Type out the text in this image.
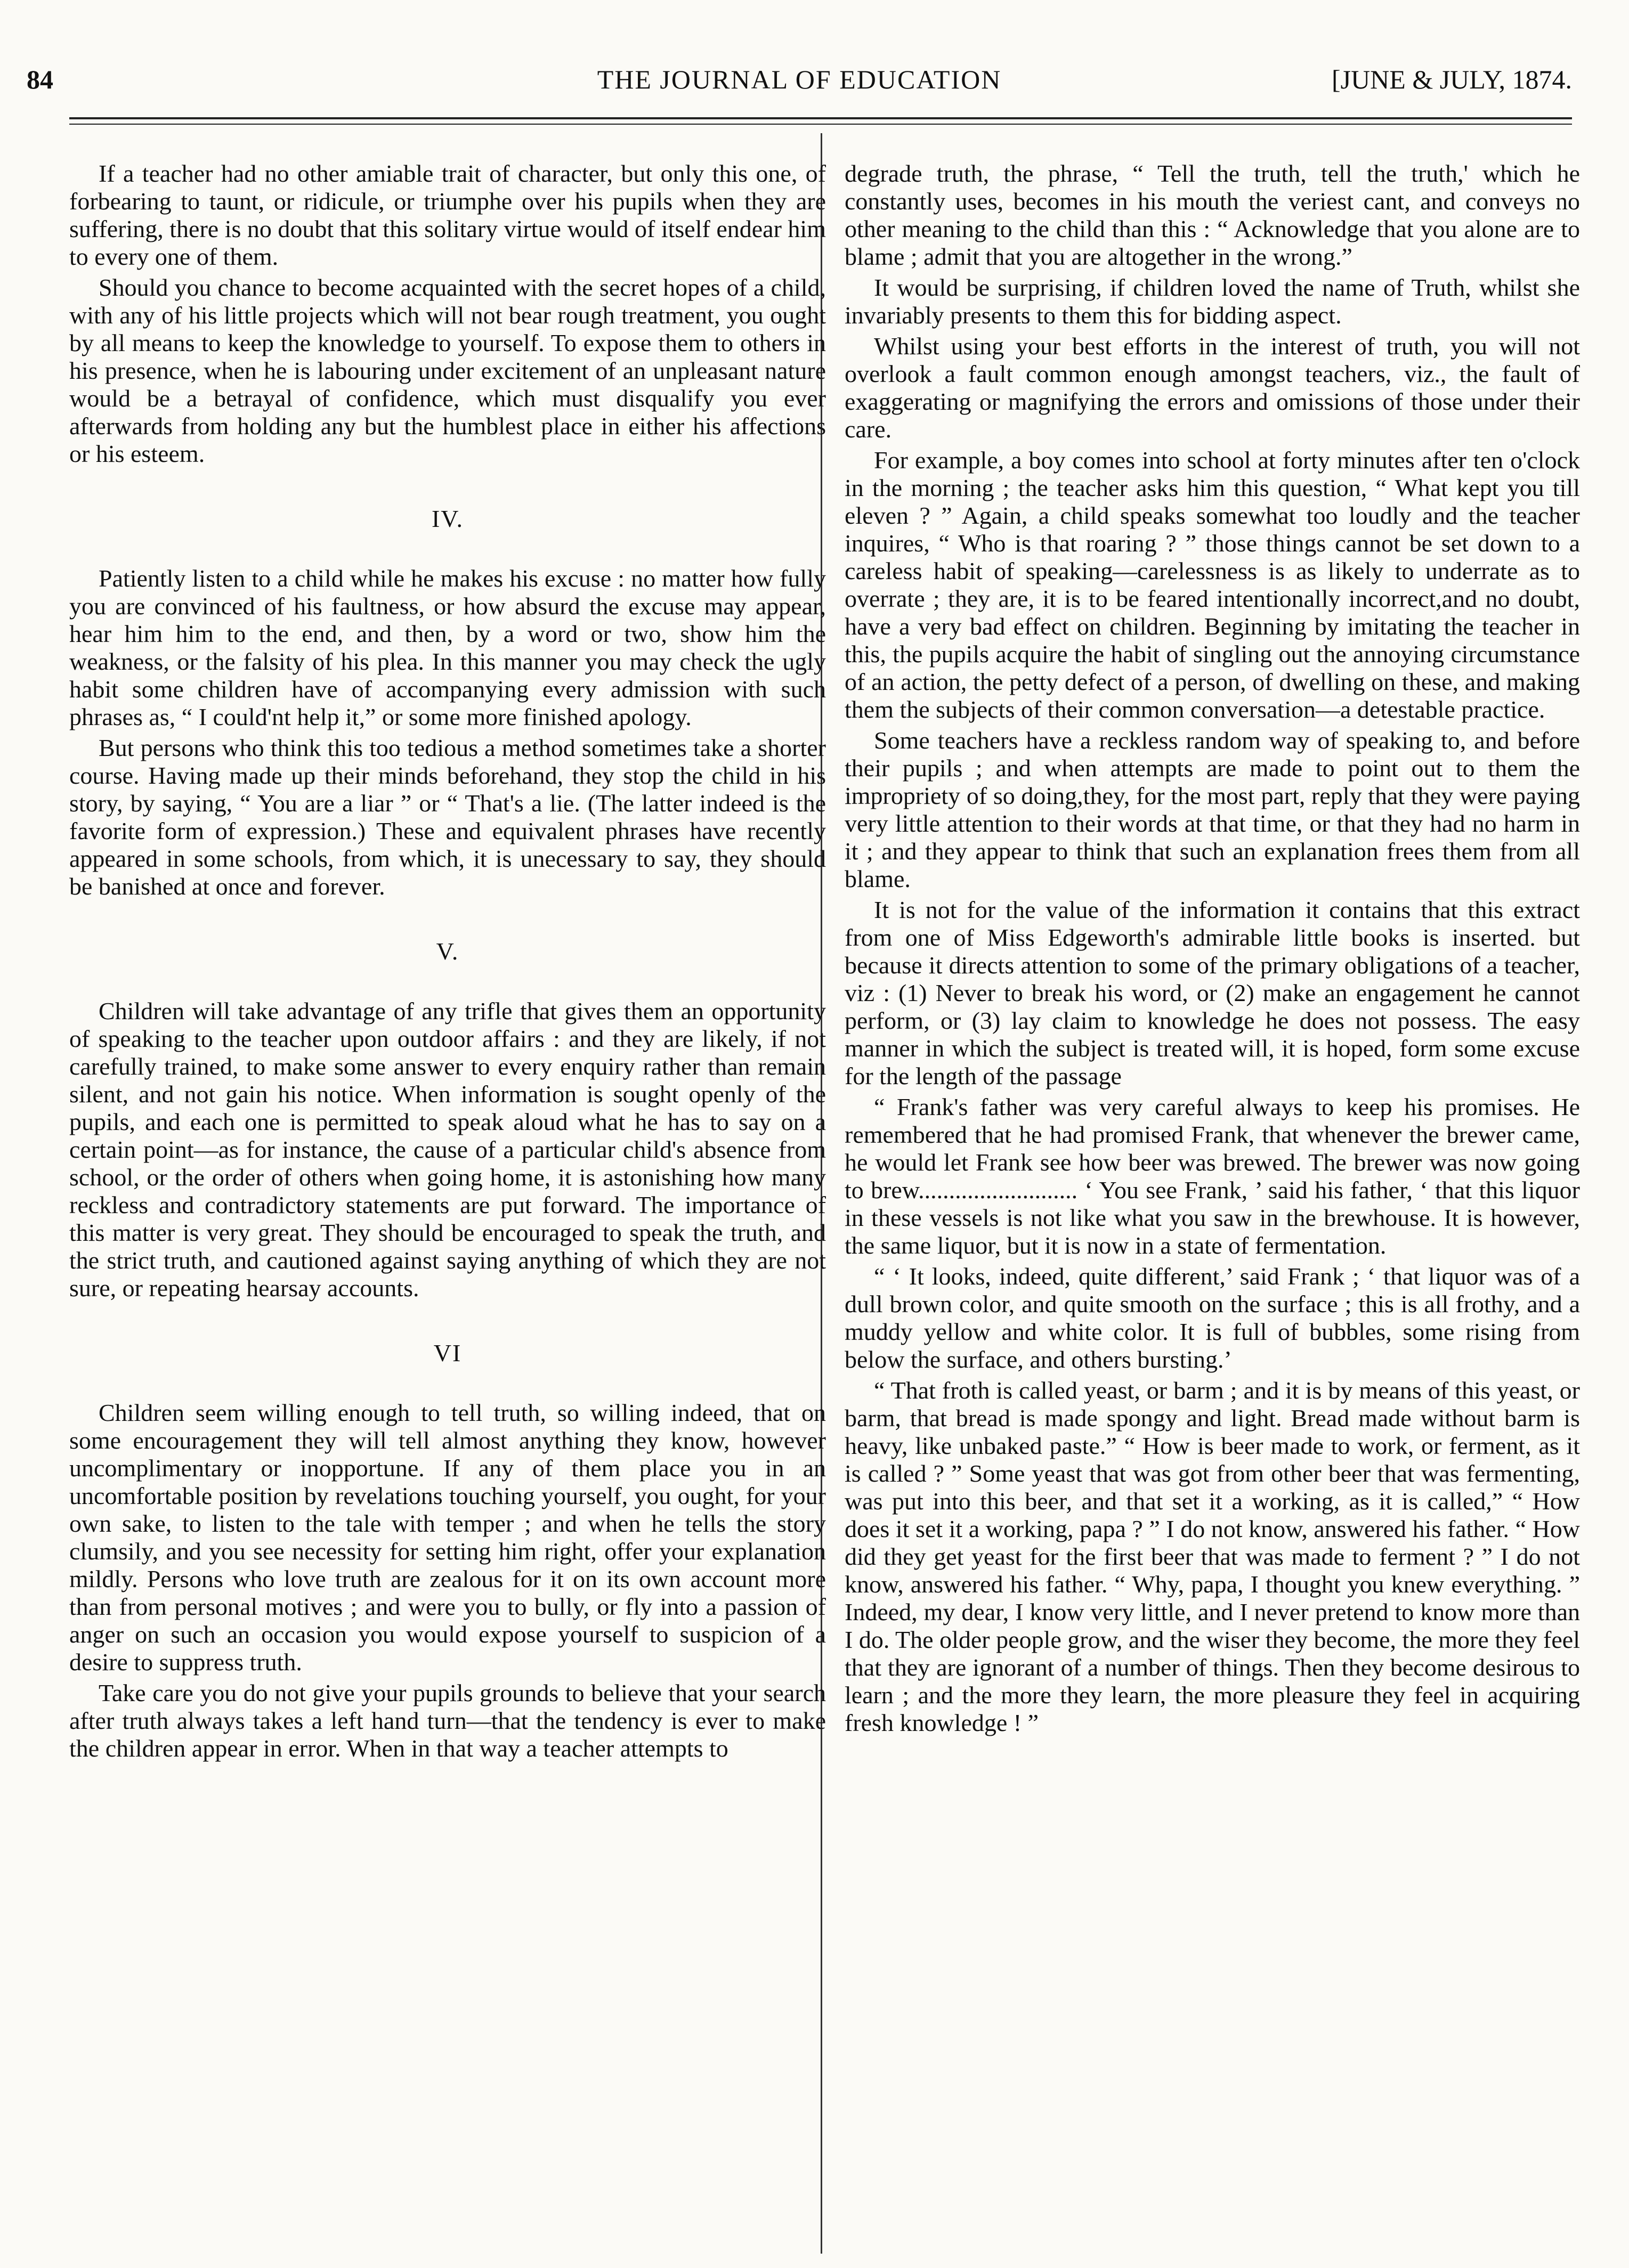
84	THE JOURNAL OF EDUCATION	[JUNE & JULY, 1874.

If a teacher had no other amiable trait of character, but only this one, of forbearing to taunt, or ridicule, or triumphe over his pupils when they are suffering, there is no doubt that this solitary virtue would of itself endear him to every one of them.

Should you chance to become acquainted with the secret hopes of a child, with any of his little projects which will not bear rough treatment, you ought by all means to keep the knowledge to yourself. To expose them to others in his presence, when he is labouring under excitement of an unpleasant nature would be a betrayal of confidence, which must disqualify you ever afterwards from holding any but the humblest place in either his affections or his esteem.

IV.

Patiently listen to a child while he makes his excuse : no matter how fully you are convinced of his faultness, or how absurd the excuse may appear, hear him him to the end, and then, by a word or two, show him the weakness, or the falsity of his plea. In this manner you may check the ugly habit some children have of accompanying every admission with such phrases as, “ I could'nt help it,” or some more finished apology.

But persons who think this too tedious a method sometimes take a shorter course. Having made up their minds beforehand, they stop the child in his story, by saying, “ You are a liar ” or “ That's a lie. (The latter indeed is the favorite form of expression.) These and equivalent phrases have recently appeared in some schools, from which, it is unecessary to say, they should be banished at once and forever.

V.

Children will take advantage of any trifle that gives them an opportunity of speaking to the teacher upon outdoor affairs : and they are likely, if not carefully trained, to make some answer to every enquiry rather than remain silent, and not gain his notice. When information is sought openly of the pupils, and each one is permitted to speak aloud what he has to say on a certain point—as for instance, the cause of a particular child's absence from school, or the order of others when going home, it is astonishing how many reckless and contradictory statements are put forward. The importance of this matter is very great. They should be encouraged to speak the truth, and the strict truth, and cautioned against saying anything of which they are not sure, or repeating hearsay accounts.

VI

Children seem willing enough to tell truth, so willing indeed, that on some encouragement they will tell almost anything they know, however uncomplimentary or inopportune. If any of them place you in an uncomfortable position by revelations touching yourself, you ought, for your own sake, to listen to the tale with temper ; and when he tells the story clumsily, and you see necessity for setting him right, offer your explanation mildly. Persons who love truth are zealous for it on its own account more than from personal motives ; and were you to bully, or fly into a passion of anger on such an occasion you would expose yourself to suspicion of a desire to suppress truth.

Take care you do not give your pupils grounds to believe that your search after truth always takes a left hand turn—that the tendency is ever to make the children appear in error. When in that way a teacher attempts to

degrade truth, the phrase, “ Tell the truth, tell the truth,' which he constantly uses, becomes in his mouth the veriest cant, and conveys no other meaning to the child than this : “ Acknowledge that you alone are to blame ; admit that you are altogether in the wrong.”

It would be surprising, if children loved the name of Truth, whilst she invariably presents to them this for bidding aspect.

Whilst using your best efforts in the interest of truth, you will not overlook a fault common enough amongst teachers, viz., the fault of exaggerating or magnifying the errors and omissions of those under their care.

For example, a boy comes into school at forty minutes after ten o'clock in the morning ; the teacher asks him this question, “ What kept you till eleven ? ” Again, a child speaks somewhat too loudly and the teacher inquires, “ Who is that roaring ? ” those things cannot be set down to a careless habit of speaking—carelessness is as likely to underrate as to overrate ; they are, it is to be feared intentionally incorrect,and no doubt, have a very bad effect on children. Beginning by imitating the teacher in this, the pupils acquire the habit of singling out the annoying circumstance of an action, the petty defect of a person, of dwelling on these, and making them the subjects of their common conversation—a detestable practice.

Some teachers have a reckless random way of speaking to, and before their pupils ; and when attempts are made to point out to them the impropriety of so doing,they, for the most part, reply that they were paying very little attention to their words at that time, or that they had no harm in it ; and they appear to think that such an explanation frees them from all blame.

It is not for the value of the information it contains that this extract from one of Miss Edgeworth's admirable little books is inserted. but because it directs attention to some of the primary obligations of a teacher, viz : (1) Never to break his word, or (2) make an engagement he cannot perform, or (3) lay claim to knowledge he does not possess. The easy manner in which the subject is treated will, it is hoped, form some excuse for the length of the passage

“ Frank's father was very careful always to keep his promises. He remembered that he had promised Frank, that whenever the brewer came, he would let Frank see how beer was brewed. The brewer was now going to brew.......................... ‘ You see Frank, ’ said his father, ‘ that this liquor in these vessels is not like what you saw in the brewhouse. It is however, the same liquor, but it is now in a state of fermentation.

“ ‘ It looks, indeed, quite different,’ said Frank ; ‘ that liquor was of a dull brown color, and quite smooth on the surface ; this is all frothy, and a muddy yellow and white color. It is full of bubbles, some rising from below the surface, and others bursting.’

“ That froth is called yeast, or barm ; and it is by means of this yeast, or barm, that bread is made spongy and light. Bread made without barm is heavy, like unbaked paste.” “ How is beer made to work, or ferment, as it is called ? ” Some yeast that was got from other beer that was fermenting, was put into this beer, and that set it a working, as it is called,” “ How does it set it a working, papa ? ” I do not know, answered his father. “ How did they get yeast for the first beer that was made to ferment ? ” I do not know, answered his father. “ Why, papa, I thought you knew everything. ” Indeed, my dear, I know very little, and I never pretend to know more than I do. The older people grow, and the wiser they become, the more they feel that they are ignorant of a number of things. Then they become desirous to learn ; and the more they learn, the more pleasure they feel in acquiring fresh knowledge ! ”
